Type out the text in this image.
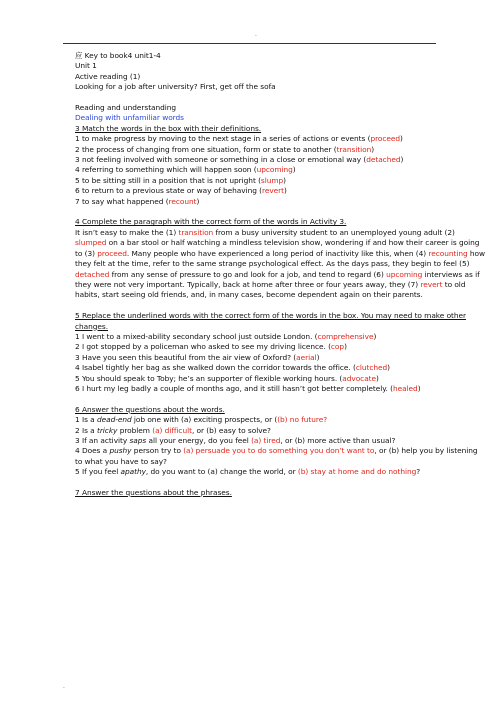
.
应 Key to book4 unit1-4
Unit 1
Active reading (1)
Looking for a job after university? First, get off the sofa
Reading and understanding
Dealing with unfamiliar words
3 Match the words in the box with their definitions.
1 to make progress by moving to the next stage in a series of actions or events (proceed)
2 the process of changing from one situation, form or state to another (transition)
3 not feeling involved with someone or something in a close or emotional way (detached)
4 referring to something which will happen soon (upcoming)
5 to be sitting still in a position that is not upright (slump)
6 to return to a previous state or way of behaving (revert)
7 to say what happened (recount)
4 Complete the paragraph with the correct form of the words in Activity 3.
It isn’t easy to make the (1) transition from a busy university student to an unemployed young adult (2) slumped on a bar stool or half watching a mindless television show, wondering if and how their career is going to (3) proceed. Many people who have experienced a long period of inactivity like this, when (4) recounting how they felt at the time, refer to the same strange psychological effect. As the days pass, they begin to feel (5) detached from any sense of pressure to go and look for a job, and tend to regard (6) upcoming interviews as if they were not very important. Typically, back at home after three or four years away, they (7) revert to old habits, start seeing old friends, and, in many cases, become dependent again on their parents.
5 Replace the underlined words with the correct form of the words in the box. You may need to make other changes.
1 I went to a mixed-ability secondary school just outside London. (comprehensive)
2 I got stopped by a policeman who asked to see my driving licence. (cop)
3 Have you seen this beautiful from the air view of Oxford? (aerial)
4 Isabel tightly her bag as she walked down the corridor towards the office. (clutched)
5 You should speak to Toby; he’s an supporter of flexible working hours. (advocate)
6 I hurt my leg badly a couple of months ago, and it still hasn’t got better completely. (healed)
6 Answer the questions about the words.
1 Is a dead-end job one with (a) exciting prospects, or ((b) no future?
2 Is a tricky problem (a) difficult, or (b) easy to solve?
3 If an activity saps all your energy, do you feel (a) tired, or (b) more active than usual?
4 Does a pushy person try to (a) persuade you to do something you don’t want to, or (b) help you by listening to what you have to say?
5 If you feel apathy, do you want to (a) change the world, or (b) stay at home and do nothing?
7 Answer the questions about the phrases.
.
